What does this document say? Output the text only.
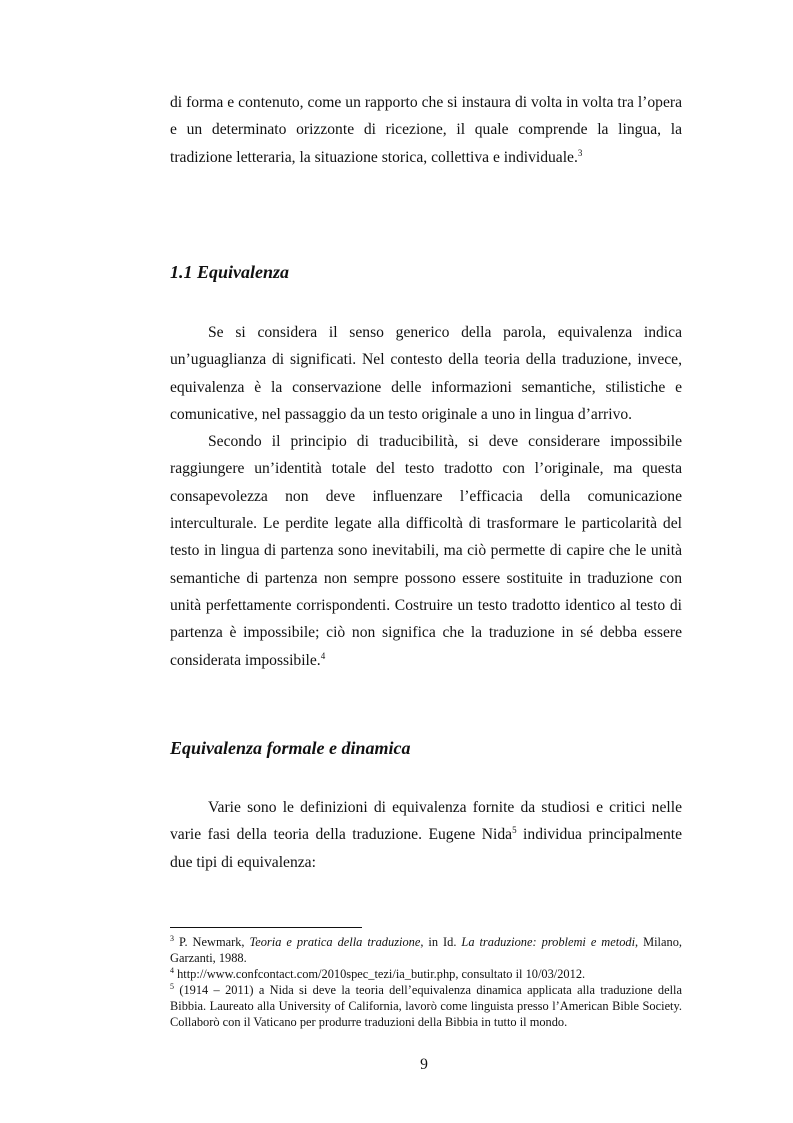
di forma e contenuto, come un rapporto che si instaura di volta in volta tra l’opera e un determinato orizzonte di ricezione, il quale comprende la lingua, la tradizione letteraria, la situazione storica, collettiva e individuale.$^3$

1.1 Equivalenza

Se si considera il senso generico della parola, equivalenza indica un’uguaglianza di significati. Nel contesto della teoria della traduzione, invece, equivalenza è la conservazione delle informazioni semantiche, stilistiche e comunicative, nel passaggio da un testo originale a uno in lingua d’arrivo.

Secondo il principio di traducibilità, si deve considerare impossibile raggiungere un’identità totale del testo tradotto con l’originale, ma questa consapevolezza non deve influenzare l’efficacia della comunicazione interculturale. Le perdite legate alla difficoltà di trasformare le particolarità del testo in lingua di partenza sono inevitabili, ma ciò permette di capire che le unità semantiche di partenza non sempre possono essere sostituite in traduzione con unità perfettamente corrispondenti. Costruire un testo tradotto identico al testo di partenza è impossibile; ciò non significa che la traduzione in sé debba essere considerata impossibile.$^4$

Equivalenza formale e dinamica

Varie sono le definizioni di equivalenza fornite da studiosi e critici nelle varie fasi della teoria della traduzione. Eugene Nida$^5$ individua principalmente due tipi di equivalenza:

$^3$ P. Newmark, Teoria e pratica della traduzione, in Id. La traduzione: problemi e metodi, Milano, Garzanti, 1988.

$^4$ http://www.confcontact.com/2010spec_tezi/ia_butir.php, consultato il 10/03/2012.

$^5$ (1914 – 2011) a Nida si deve la teoria dell’equivalenza dinamica applicata alla traduzione della Bibbia. Laureato alla University of California, lavorò come linguista presso l’American Bible Society. Collaborò con il Vaticano per produrre traduzioni della Bibbia in tutto il mondo.

9
